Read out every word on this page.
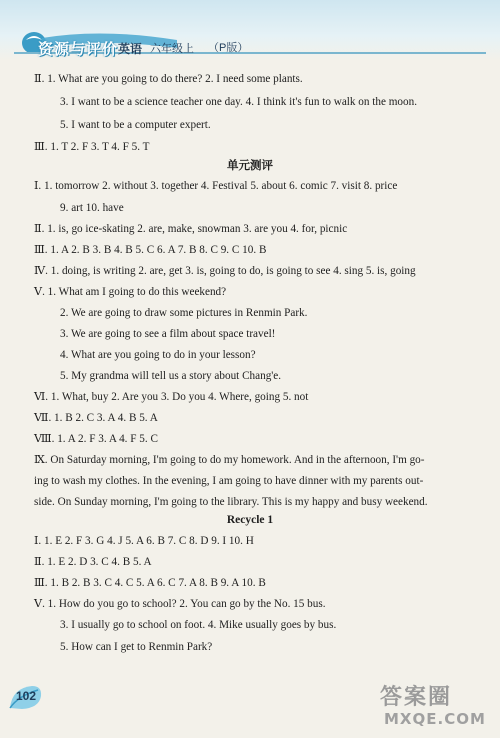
资源与评价 英语 六年级上 （P版）
Ⅱ. 1. What are you going to do there? 2. I need some plants.
3. I want to be a science teacher one day. 4. I think it's fun to walk on the moon.
5. I want to be a computer expert.
Ⅲ. 1. T 2. F 3. T 4. F 5. T
单元测评
Ⅰ. 1. tomorrow 2. without 3. together 4. Festival 5. about 6. comic 7. visit 8. price
9. art 10. have
Ⅱ. 1. is, go ice-skating 2. are, make, snowman 3. are you 4. for, picnic
Ⅲ. 1. A 2. B 3. B 4. B 5. C 6. A 7. B 8. C 9. C 10. B
Ⅳ. 1. doing, is writing 2. are, get 3. is, going to do, is going to see 4. sing 5. is, going
Ⅴ. 1. What am I going to do this weekend?
2. We are going to draw some pictures in Renmin Park.
3. We are going to see a film about space travel!
4. What are you going to do in your lesson?
5. My grandma will tell us a story about Chang'e.
Ⅵ. 1. What, buy 2. Are you 3. Do you 4. Where, going 5. not
Ⅶ. 1. B 2. C 3. A 4. B 5. A
Ⅷ. 1. A 2. F 3. A 4. F 5. C
Ⅸ. On Saturday morning, I'm going to do my homework. And in the afternoon, I'm go-
ing to wash my clothes. In the evening, I am going to have dinner with my parents out-
side. On Sunday morning, I'm going to the library. This is my happy and busy weekend.
Recycle 1
Ⅰ. 1. E 2. F 3. G 4. J 5. A 6. B 7. C 8. D 9. I 10. H
Ⅱ. 1. E 2. D 3. C 4. B 5. A
Ⅲ. 1. B 2. B 3. C 4. C 5. A 6. C 7. A 8. B 9. A 10. B
Ⅴ. 1. How do you go to school? 2. You can go by the No. 15 bus.
3. I usually go to school on foot. 4. Mike usually goes by bus.
5. How can I get to Renmin Park?
102	答案圈
MXQE.COM
